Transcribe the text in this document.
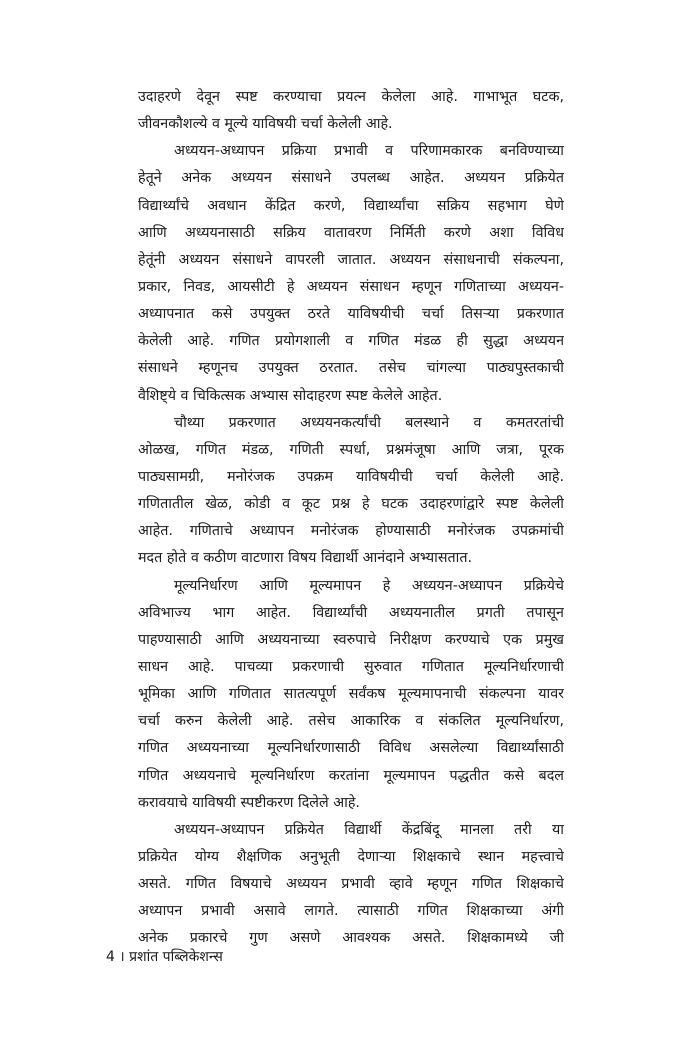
उदाहरणे देवून स्पष्ट करण्याचा प्रयत्न केलेला आहे. गाभाभूत घटक,
जीवनकौशल्ये व मूल्ये याविषयी चर्चा केलेली आहे.
अध्ययन-अध्यापन प्रक्रिया प्रभावी व परिणामकारक बनविण्याच्या
हेतूने अनेक अध्ययन संसाधने उपलब्ध आहेत. अध्ययन प्रक्रियेत
विद्यार्थ्यांचे अवधान केंद्रित करणे, विद्यार्थ्यांचा सक्रिय सहभाग घेणे
आणि अध्ययनासाठी सक्रिय वातावरण निर्मिती करणे अशा विविध
हेतूंनी अध्ययन संसाधने वापरली जातात. अध्ययन संसाधनाची संकल्पना,
प्रकार, निवड, आयसीटी हे अध्ययन संसाधन म्हणून गणिताच्या अध्ययन-
अध्यापनात कसे उपयुक्त ठरते याविषयीची चर्चा तिसऱ्या प्रकरणात
केलेली आहे. गणित प्रयोगशाली व गणित मंडळ ही सुद्धा अध्ययन
संसाधने म्हणूनच उपयुक्त ठरतात. तसेच चांगल्या पाठ्यपुस्तकाची
वैशिष्ट्ये व चिकित्सक अभ्यास सोदाहरण स्पष्ट केलेले आहेत.
चौथ्या प्रकरणात अध्ययनकर्त्यांची बलस्थाने व कमतरतांची
ओळख, गणित मंडळ, गणिती स्पर्धा, प्रश्नमंजूषा आणि जत्रा, पूरक
पाठ्यसामग्री, मनोरंजक उपक्रम याविषयीची चर्चा केलेली आहे.
गणितातील खेळ, कोडी व कूट प्रश्न हे घटक उदाहरणांद्वारे स्पष्ट केलेली
आहेत. गणिताचे अध्यापन मनोरंजक होण्यासाठी मनोरंजक उपक्रमांची
मदत होते व कठीण वाटणारा विषय विद्यार्थी आनंदाने अभ्यासतात.
मूल्यनिर्धारण आणि मूल्यमापन हे अध्ययन-अध्यापन प्रक्रियेचे
अविभाज्य भाग आहेत. विद्यार्थ्यांची अध्ययनातील प्रगती तपासून
पाहण्यासाठी आणि अध्ययनाच्या स्वरुपाचे निरीक्षण करण्याचे एक प्रमुख
साधन आहे. पाचव्या प्रकरणाची सुरुवात गणितात मूल्यनिर्धारणाची
भूमिका आणि गणितात सातत्यपूर्ण सर्वंकष मूल्यमापनाची संकल्पना यावर
चर्चा करुन केलेली आहे. तसेच आकारिक व संकलित मूल्यनिर्धारण,
गणित अध्ययनाच्या मूल्यनिर्धारणासाठी विविध असलेल्या विद्यार्थ्यांसाठी
गणित अध्ययनाचे मूल्यनिर्धारण करतांना मूल्यमापन पद्धतीत कसे बदल
करावयाचे याविषयी स्पष्टीकरण दिलेले आहे.
अध्ययन-अध्यापन प्रक्रियेत विद्यार्थी केंद्रबिंदू मानला तरी या
प्रक्रियेत योग्य शैक्षणिक अनुभूती देणाऱ्या शिक्षकाचे स्थान महत्त्वाचे
असते. गणित विषयाचे अध्ययन प्रभावी व्हावे म्हणून गणित शिक्षकाचे
अध्यापन प्रभावी असावे लागते. त्यासाठी गणित शिक्षकाच्या अंगी
अनेक प्रकारचे गुण असणे आवश्यक असते. शिक्षकामध्ये जी
4 । प्रशांत पब्लिकेशन्स
